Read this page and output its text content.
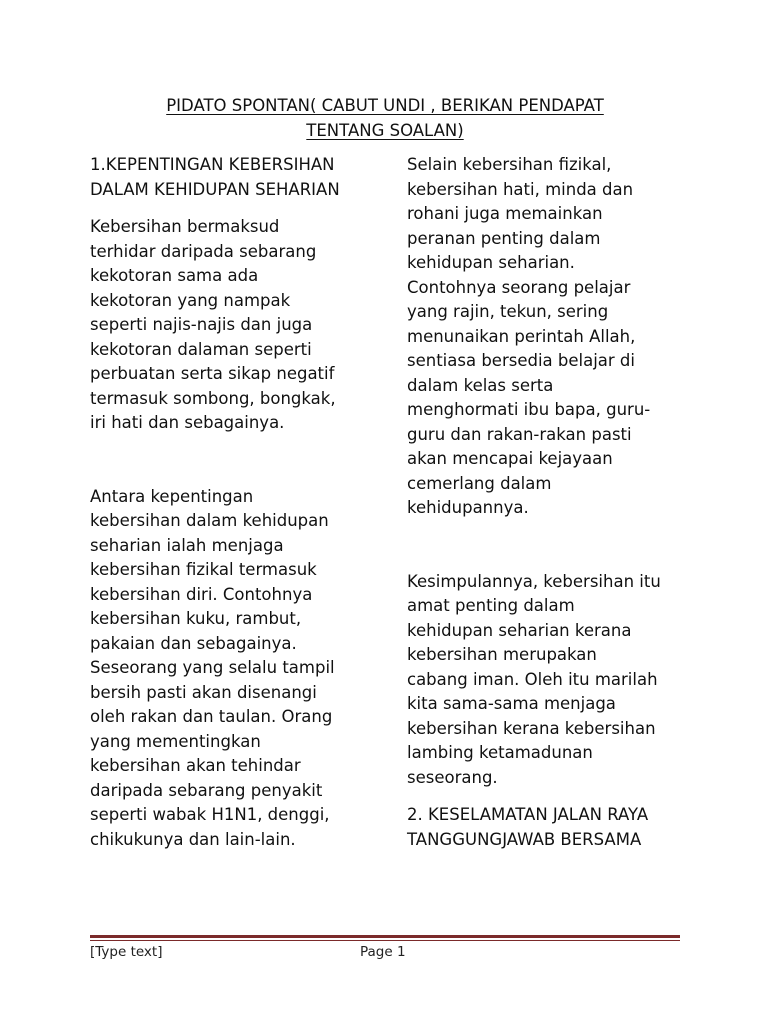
PIDATO SPONTAN( CABUT UNDI , BERIKAN PENDAPAT
TENTANG SOALAN)

1.KEPENTINGAN KEBERSIHAN
DALAM KEHIDUPAN SEHARIAN

Kebersihan bermaksud
terhidar daripada sebarang
kekotoran sama ada
kekotoran yang nampak
seperti najis-najis dan juga
kekotoran dalaman seperti
perbuatan serta sikap negatif
termasuk sombong, bongkak,
iri hati dan sebagainya.

Antara kepentingan
kebersihan dalam kehidupan
seharian ialah menjaga
kebersihan fizikal termasuk
kebersihan diri. Contohnya
kebersihan kuku, rambut,
pakaian dan sebagainya.
Seseorang yang selalu tampil
bersih pasti akan disenangi
oleh rakan dan taulan. Orang
yang mementingkan
kebersihan akan tehindar
daripada sebarang penyakit
seperti wabak H1N1, denggi,
chikukunya dan lain-lain.

Selain kebersihan fizikal,
kebersihan hati, minda dan
rohani juga memainkan
peranan penting dalam
kehidupan seharian.
Contohnya seorang pelajar
yang rajin, tekun, sering
menunaikan perintah Allah,
sentiasa bersedia belajar di
dalam kelas serta
menghormati ibu bapa, guru-
guru dan rakan-rakan pasti
akan mencapai kejayaan
cemerlang dalam
kehidupannya.

Kesimpulannya, kebersihan itu
amat penting dalam
kehidupan seharian kerana
kebersihan merupakan
cabang iman. Oleh itu marilah
kita sama-sama menjaga
kebersihan kerana kebersihan
lambing ketamadunan
seseorang.

2. KESELAMATAN JALAN RAYA
TANGGUNGJAWAB BERSAMA

[Type text]	Page 1
